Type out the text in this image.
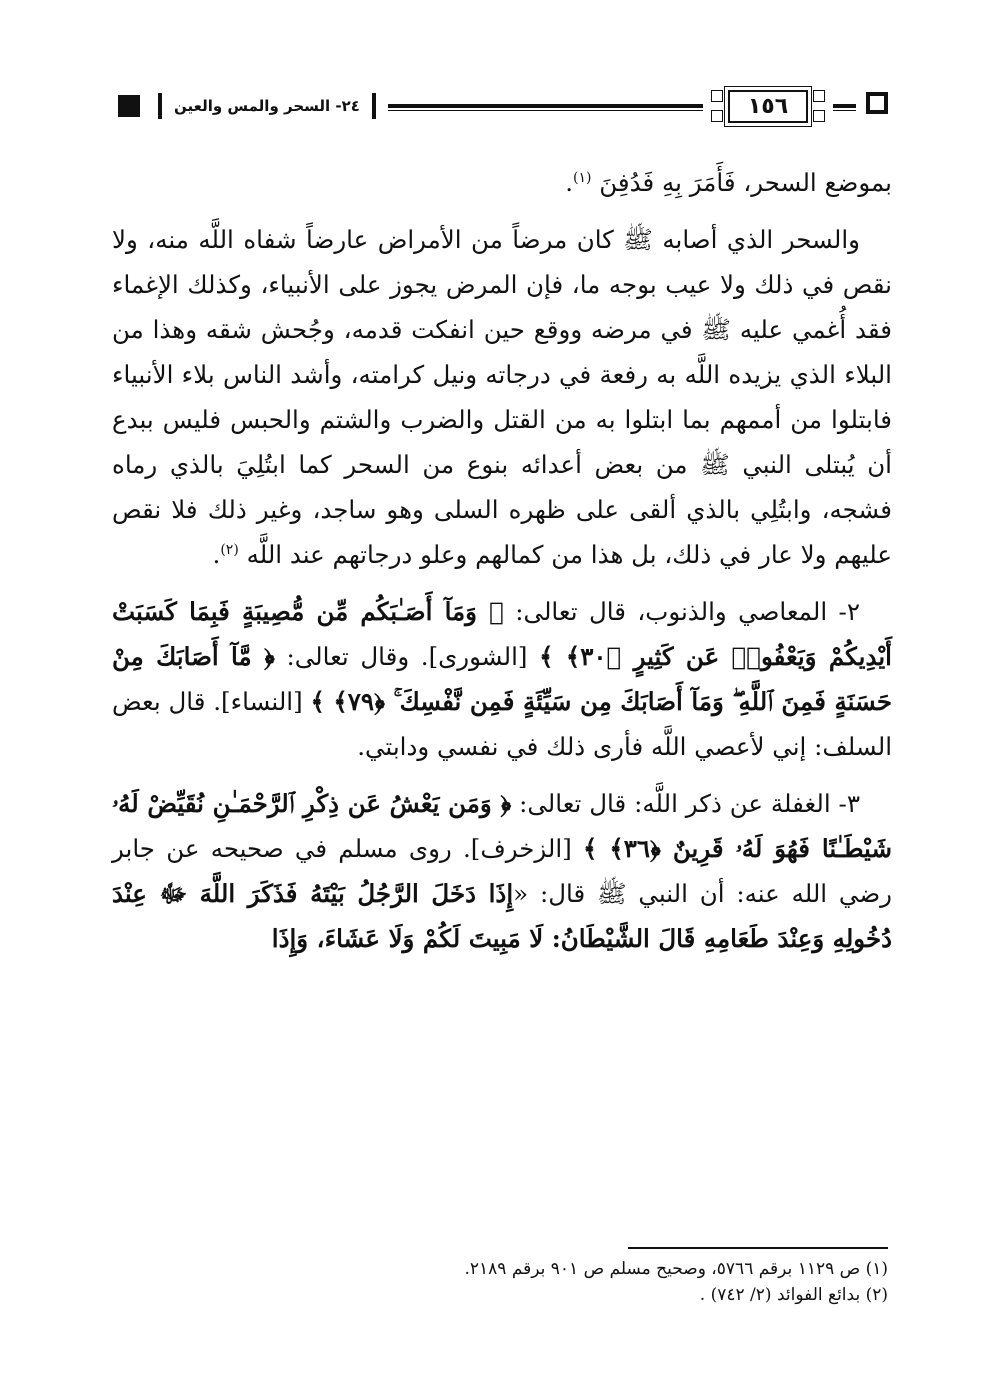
٢٤- السحر والمس والعين	١٥٦

بموضع السحر، فَأَمَرَ بِهِ فَدُفِنَ $^{(١)}$.

والسحر الذي أصابه ﷺ كان مرضاً من الأمراض عارضاً شفاه اللَّه منه، ولا نقص في ذلك ولا عيب بوجه ما، فإن المرض يجوز على الأنبياء، وكذلك الإغماء فقد أُغمي عليه ﷺ في مرضه ووقع حين انفكت قدمه، وجُحش شقه وهذا من البلاء الذي يزيده اللَّه به رفعة في درجاته ونيل كرامته، وأشد الناس بلاء الأنبياء فابتلوا من أممهم بما ابتلوا به من القتل والضرب والشتم والحبس فليس ببدع أن يُبتلى النبي ﷺ من بعض أعدائه بنوع من السحر كما ابتُلِيَ بالذي رماه فشجه، وابتُلِي بالذي ألقى على ظهره السلى وهو ساجد، وغير ذلك فلا نقص عليهم ولا عار في ذلك، بل هذا من كمالهم وعلو درجاتهم عند اللَّه $^{(٢)}$.

٢- المعاصي والذنوب، قال تعالى: ﴿ وَمَآ أَصَـٰبَكُم مِّن مُّصِيبَةٍ فَبِمَا كَسَبَتْ أَيْدِيكُمْ وَيَعْفُوا۟ عَن كَثِيرٍ ﴿٣٠﴾ ﴾ [الشورى]. وقال تعالى: ﴿ مَّآ أَصَابَكَ مِنْ حَسَنَةٍ فَمِنَ ٱللَّهِ ۖ وَمَآ أَصَابَكَ مِن سَيِّئَةٍ فَمِن نَّفْسِكَ ۚ ﴿٧٩﴾ ﴾ [النساء]. قال بعض السلف: إني لأعصي اللَّه فأرى ذلك في نفسي ودابتي.

٣- الغفلة عن ذكر اللَّه: قال تعالى: ﴿ وَمَن يَعْشُ عَن ذِكْرِ ٱلرَّحْمَـٰنِ نُقَيِّضْ لَهُۥ شَيْطَـٰنًا فَهُوَ لَهُۥ قَرِينٌ ﴿٣٦﴾ ﴾ [الزخرف]. روى مسلم في صحيحه عن جابر رضي الله عنه: أن النبي ﷺ قال: «إِذَا دَخَلَ الرَّجُلُ بَيْتَهُ فَذَكَرَ اللَّهَ ﷻ عِنْدَ دُخُولِهِ وَعِنْدَ طَعَامِهِ قَالَ الشَّيْطَانُ: لَا مَبِيتَ لَكُمْ وَلَا عَشَاءَ، وَإِذَا

(١) ص ١١٢٩ برقم ٥٧٦٦، وصحيح مسلم ص ٩٠١ برقم ٢١٨٩.
(٢) بدائع الفوائد (٢/ ٧٤٢) .
